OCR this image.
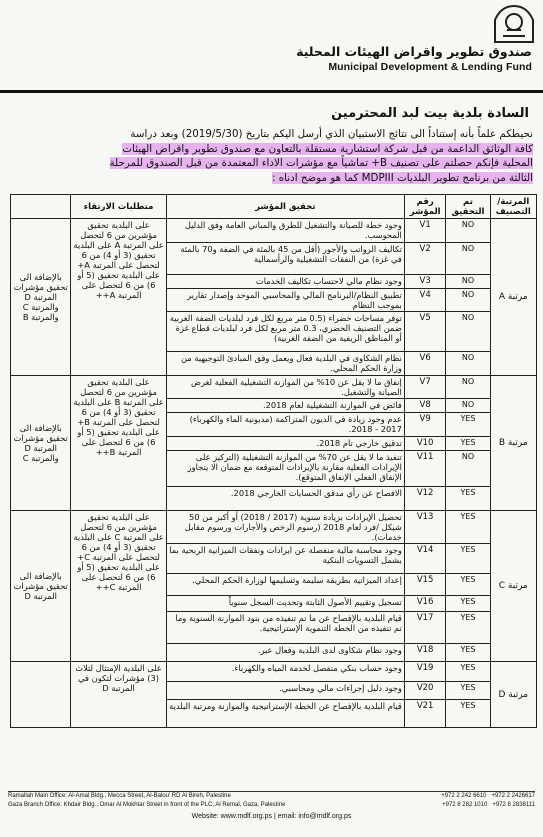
صندوق تطوير واقراض الهيئات المحلية
Municipal Development & Lending Fund
السادة بلدية بيت لبد المحترمين
نحيطكم علماً بأنه إستناداً الى نتائج الاستبيان الذي أرسل اليكم بتاريخ (2019/5/30) وبعد دراسة
كافة الوثائق الداعمة من قبل شركة استشارية مستقلة بالتعاون مع صندوق تطوير واقراض الهيئات
المحلية فإنكم حصلتم على تصنيف B+ تماشياً مع مؤشرات الاداء المعتمدة من قبل الصندوق للمرحلة
الثالثة من برنامج تطوير البلديات MDPIII كما هو موضح ادناه :
المرتبة/التصنيف	تم التحقيق	رقم المؤشر	تحقيق المؤشر	متطلبات الارتقاء	
مرتبة A	NO	V1	وجود خطة للصيانة والتشغيل للطرق والمباني العامة وفق الدليل المحوسب.	على البلدية تحقيق مؤشرين من 6 لتحصل على المرتبة A على البلدية تحقيق (3 أو 4) من 6 لتحصل على المرتبة A+ على البلدية تحقيق (5 أو 6) من 6 لتحصل على المرتبة A++	بالإضافة الى تحقيق مؤشرات المرتبة D والمرتبة C والمرتبة B
	NO	V2	تكاليف الرواتب والأجور (أقل من 45 بالمئة في الضفة و70 بالمئة في غزة) من النفقات التشغيلية والرأسمالية		
	NO	V3	وجود نظام مالي لاحتساب تكاليف الخدمات		
	NO	V4	تطبيق النظام/البرنامج المالي والمحاسبي الموحد وإصدار تقارير بموجب النظام		
	NO	V5	توفر مساحات خضراء (0.5 متر مربع لكل فرد لبلديات الضفة الغربية ضمن التصنيف الحضري، 0.3 متر مربع لكل فرد لبلديات قطاع غزة أو المناطق الريفية من الضفة الغربية)		
	NO	V6	نظام الشكاوى في البلدية فعال ويعمل وفق المبادئ التوجيهية من وزارة الحكم المحلي.		
مرتبة B	NO	V7	إنفاق ما لا يقل عن 10% من الموازنة التشغيلية الفعلية لغرض الصيانة والتشغيل.	على البلدية تحقيق مؤشرين من 6 لتحصل على المرتبة B على البلدية تحقيق (3 أو 4) من 6 لتحصل على المرتبة B+ على البلدية تحقيق (5 أو 6) من 6 لتحصل على المرتبة B++	بالإضافة الى تحقيق مؤشرات المرتبة D والمرتبة C
	NO	V8	فائض في الموازنة التشغيلية لعام 2018.		
	YES	V9	عدم وجود زيادة في الديون المتراكمة (مديونية الماء والكهرباء) 2017 - 2018.		
	YES	V10	تدقيق خارجي تام 2018.		
	NO	V11	تنفيذ ما لا يقل عن 70% من الموازنة التشغيلية (التركيز على الإيرادات الفعلية مقارنة بالإيرادات المتوقعة مع ضمان الا يتجاوز الإنفاق الفعلي الإنفاق المتوقع).		
	YES	V12	الافصاح عن رأي مدقق الحسابات الخارجي 2018.		
مرتبة C	YES	V13	تحصيل الإيرادات بزيادة سنوية (2017 / 2018) أو أكبر من 50 شيكل /فرد لعام 2018 (رسوم الرخص والأجارات ورسوم مقابل خدمات).	على البلدية تحقيق مؤشرين من 6 لتحصل على المرتبة C على البلدية تحقيق (3 أو 4) من 6 لتحصل على المرتبة C+ على البلدية تحقيق (5 أو 6) من 6 لتحصل على المرتبة C++	بالإضافة الى تحقيق مؤشرات المرتبة D
	YES	V14	وجود محاسبة مالية منفصلة عن ايرادات ونفقات الميزانية الربحية بما يشمل التسويات البنكية		
	YES	V15	إعداد الميزانية بطريقة سليمة وتسليمها لوزارة الحكم المحلي.		
	YES	V16	تسجيل وتقييم الأصول الثابتة وتحديث السجل سنوياً		
	YES	V17	قيام البلدية بالإفصاح عن ما تم تنفيذه من بنود الموازنة السنوية وما تم تنفيذه من الخطة التنموية الإستراتيجية.		
	YES	V18	وجود نظام شكاوى لدى البلدية وفعال عبر.		
مرتبة D	YES	V19	وجود حساب بنكي منفصل لخدمة المياه والكهرباء.	على البلدية الإمتثال لثلاث (3) مؤشرات لتكون في المرتبة D	
	YES	V20	وجود دليل إجراءات مالي ومحاسبي.		
	YES	V21	قيام البلدية بالإفصاح عن الخطة الإستراتيجية والموازنة ومرتبة البلدية		
Ramallah Main Office: Al-Amal Bldg., Mecca Street, Al-Balou' RD Al Bireh, Palestine	+972 2 242 6610 +972 2 2426617
Gaza Branch Office: Khdair Bldg., Omar Al Mokhtar Street in front of the PLC, Al Remal, Gaza, Palestine	+972 8 282 1010 +972 8 2838111
Website: www.mdlf.org.ps | email: info@mdlf.org.ps
